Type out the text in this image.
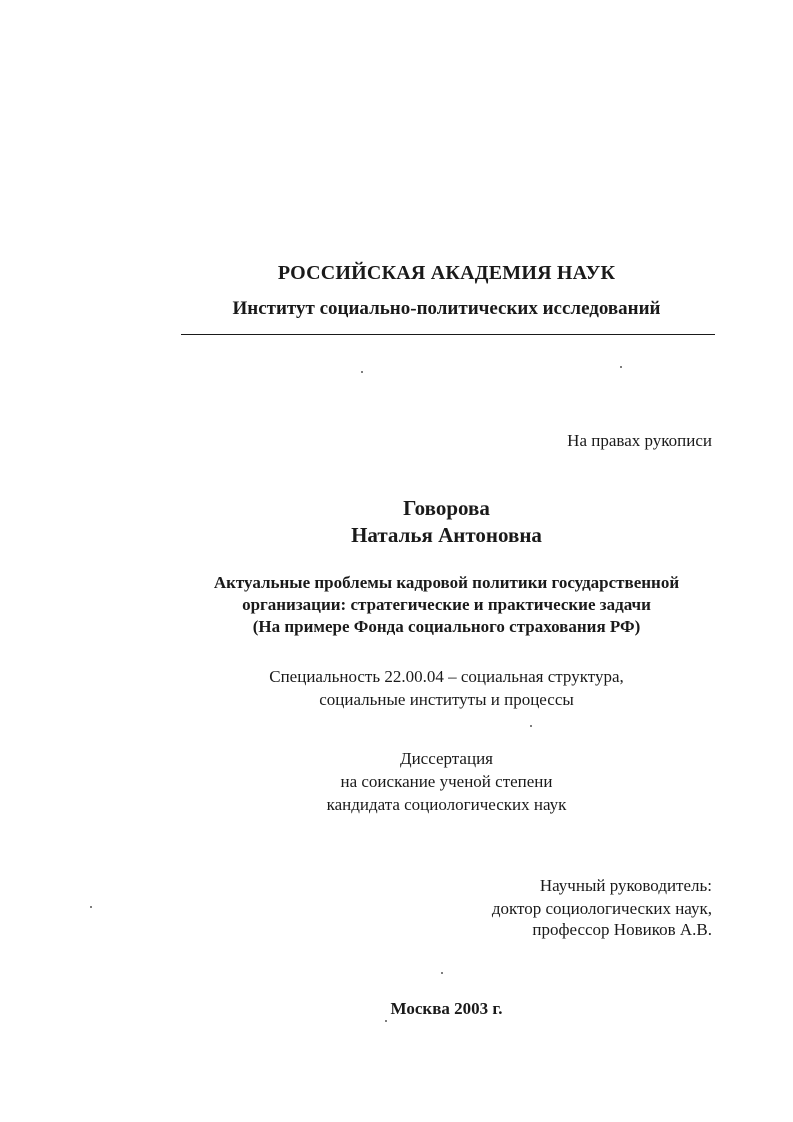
РОССИЙСКАЯ АКАДЕМИЯ НАУК
Институт социально-политических исследований
На правах рукописи
Говорова
Наталья Антоновна
Актуальные проблемы кадровой политики государственной
организации: стратегические и практические задачи
(На примере Фонда социального страхования РФ)
Специальность 22.00.04 – социальная структура,
социальные институты и процессы
Диссертация
на соискание ученой степени
кандидата социологических наук
Научный руководитель:
доктор социологических наук,
профессор Новиков А.В.
Москва 2003 г.
